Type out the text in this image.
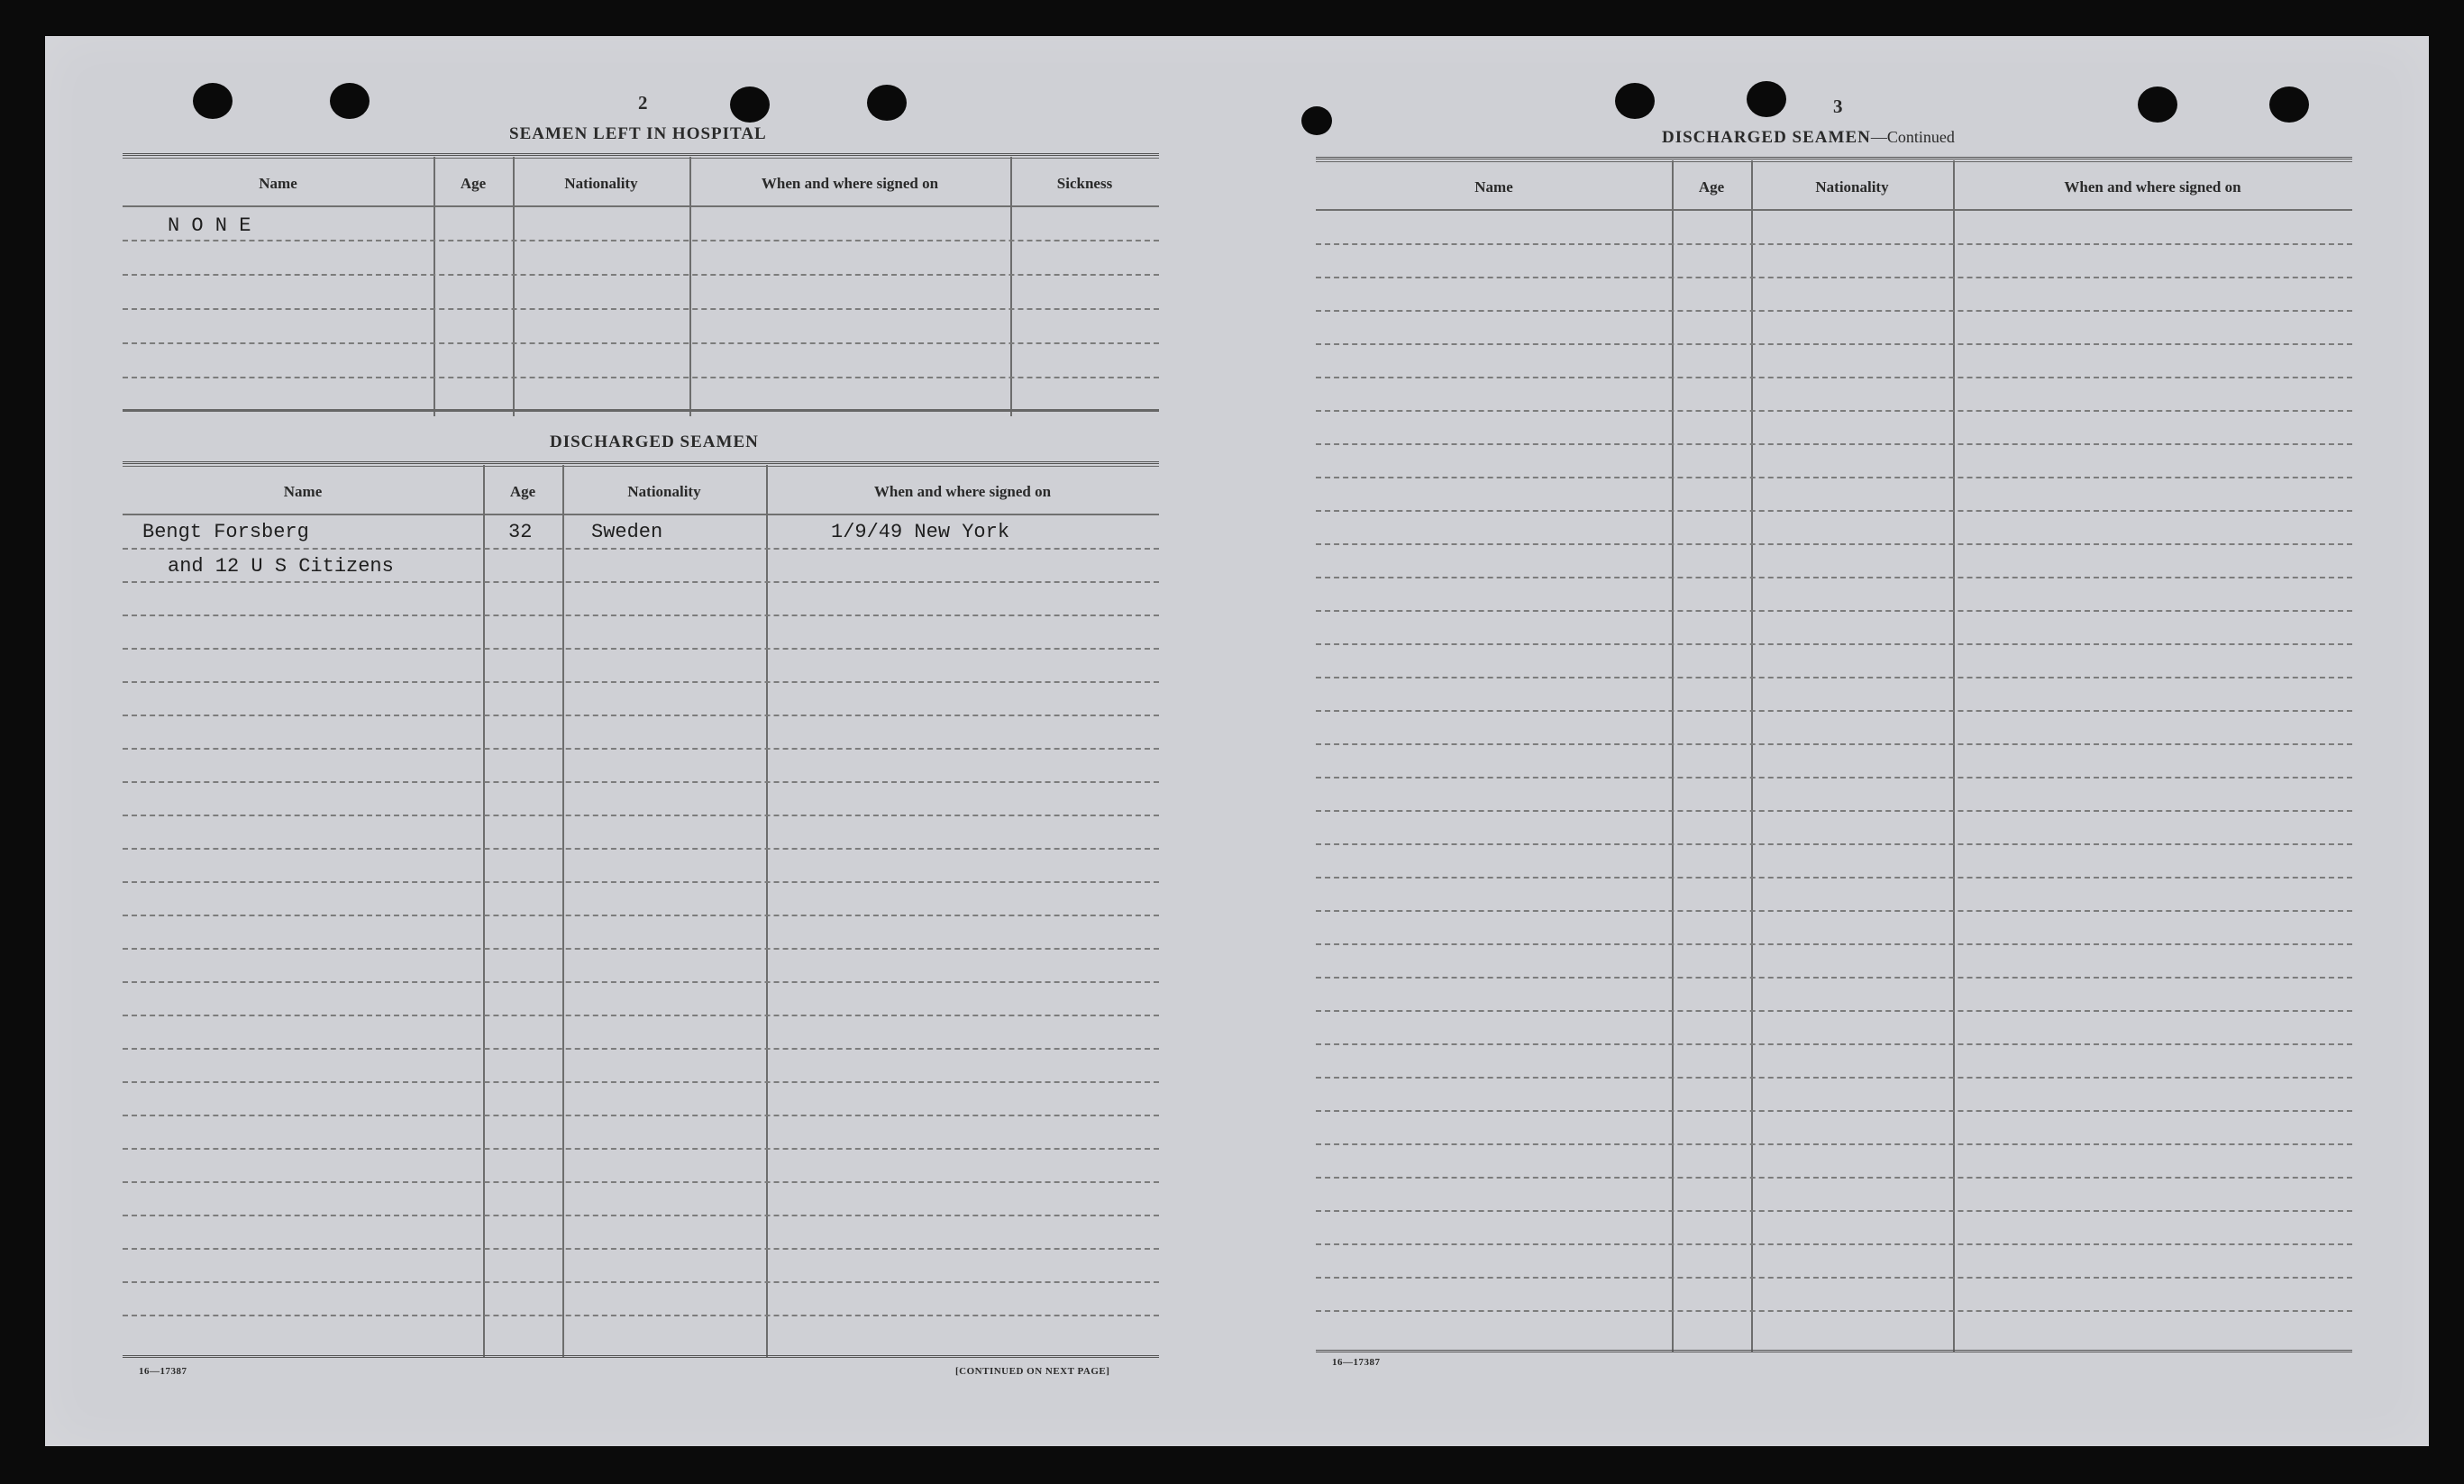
2
SEAMEN LEFT IN HOSPITAL
Name	Age	Nationality	When and where signed on	Sickness
N O N E
DISCHARGED SEAMEN
Name	Age	Nationality	When and where signed on
Bengt Forsberg	32	Sweden	1/9/49 New York
and 12 U S Citizens
16—17387	[CONTINUED ON NEXT PAGE]
3
DISCHARGED SEAMEN—Continued
Name	Age	Nationality	When and where signed on
16—17387
